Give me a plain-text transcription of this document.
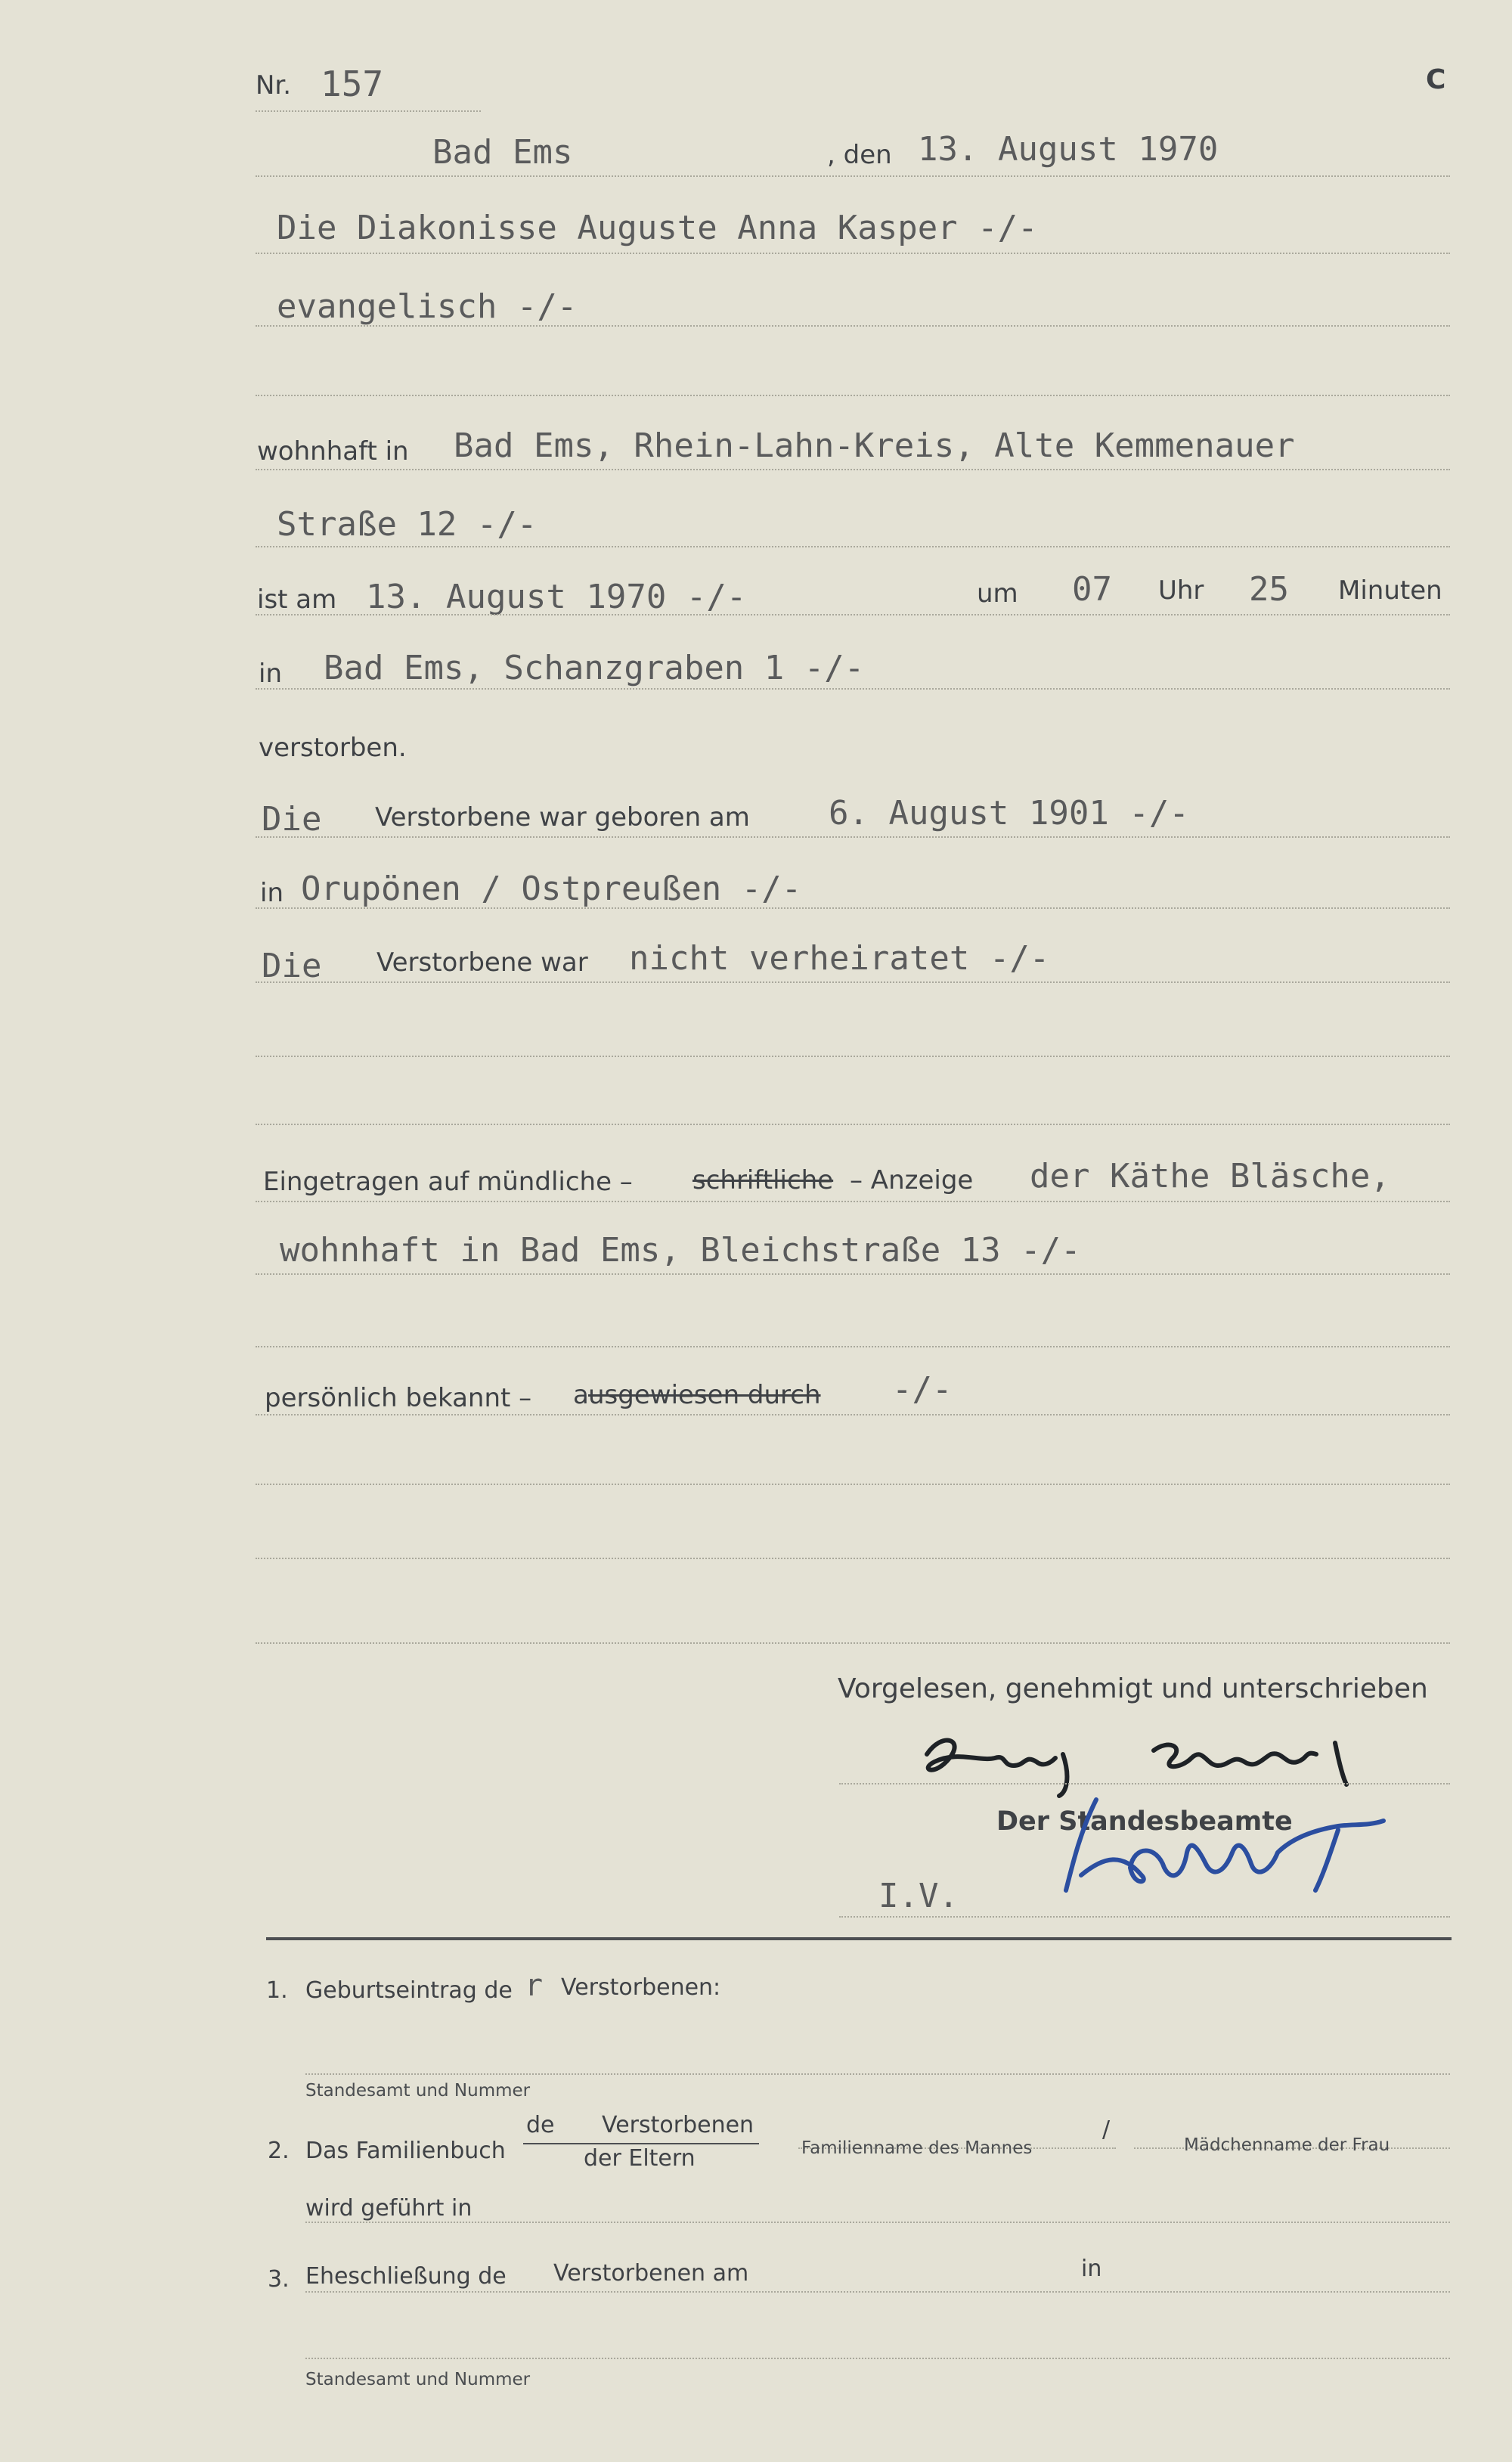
Nr. 157	C
Bad Ems	, den 13. August 1970
Die Diakonisse Auguste Anna Kasper -/-
evangelisch -/-
wohnhaft in Bad Ems, Rhein-Lahn-Kreis, Alte Kemmenauer
Straße 12 -/-
ist am 13. August 1970 -/-	um 07 Uhr 25 Minuten
in Bad Ems, Schanzgraben 1 -/-
verstorben.
Die Verstorbene war geboren am 6. August 1901 -/-
in Orupönen / Ostpreußen -/-
Die Verstorbene war nicht verheiratet -/-
Eingetragen auf mündliche – schriftliche – Anzeige der Käthe Bläsche,
wohnhaft in Bad Ems, Bleichstraße 13 -/-
persönlich bekannt – a usgewiesen durch -/-
Vorgelesen, genehmigt und unterschrieben
Der Standesbeamte
I.V.
1. Geburtseintrag de r Verstorbenen:
Standesamt und Nummer
2. Das Familienbuch
de Verstorbenen
der Eltern	Familienname des Mannes
/
Mädchenname der Frau
wird geführt in
3. Eheschließung de Verstorbenen am	in
Standesamt und Nummer
